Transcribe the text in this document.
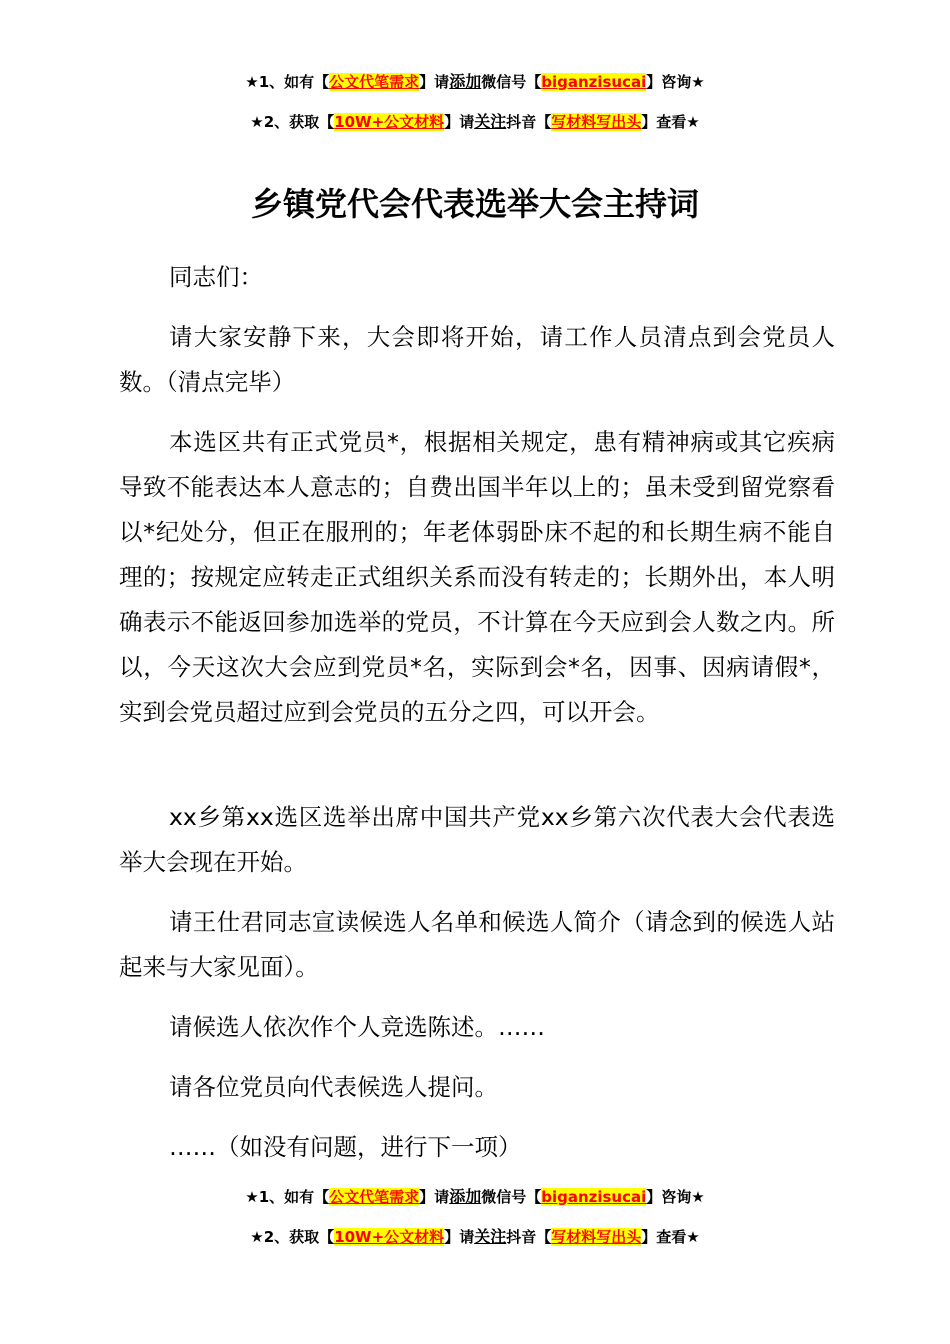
★1、如有【公文代笔需求】请添加微信号【biganzisucai】咨询★
★2、获取【10W+公文材料】请关注抖音【写材料写出头】查看★
乡镇党代会代表选举大会主持词

同志们：

请大家安静下来，大会即将开始，请工作人员清点到会党员人数。（清点完毕）

本选区共有正式党员*，根据相关规定，患有精神病或其它疾病导致不能表达本人意志的；自费出国半年以上的；虽未受到留党察看以*纪处分，但正在服刑的；年老体弱卧床不起的和长期生病不能自理的；按规定应转走正式组织关系而没有转走的；长期外出，本人明确表示不能返回参加选举的党员，不计算在今天应到会人数之内。所以，今天这次大会应到党员*名，实际到会*名，因事、因病请假*，实到会党员超过应到会党员的五分之四，可以开会。

xx乡第xx选区选举出席中国共产党xx乡第六次代表大会代表选举大会现在开始。

请王仕君同志宣读候选人名单和候选人简介（请念到的候选人站起来与大家见面）。

请候选人依次作个人竞选陈述。……

请各位党员向代表候选人提问。

……（如没有问题，进行下一项）

★1、如有【公文代笔需求】请添加微信号【biganzisucai】咨询★
★2、获取【10W+公文材料】请关注抖音【写材料写出头】查看★
